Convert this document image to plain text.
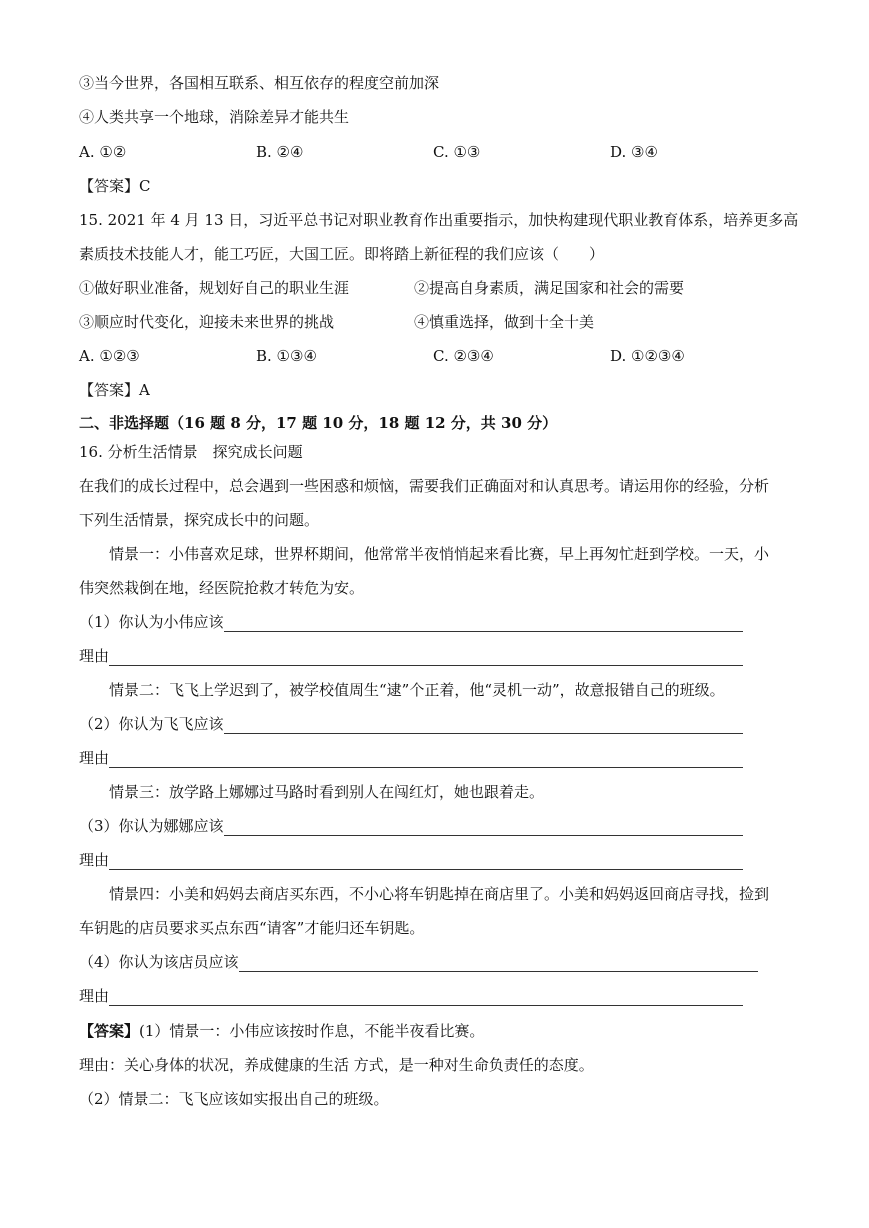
③当今世界，各国相互联系、相互依存的程度空前加深
④人类共享一个地球，消除差异才能共生
A. ①②	B. ②④	C. ①③	D. ③④
【答案】C
15. 2021 年 4 月 13 日，习近平总书记对职业教育作出重要指示，加快构建现代职业教育体系，培养更多高
素质技术技能人才，能工巧匠，大国工匠。即将踏上新征程的我们应该（　　）
①做好职业准备，规划好自己的职业生涯	②提高自身素质，满足国家和社会的需要
③顺应时代变化，迎接未来世界的挑战	④慎重选择，做到十全十美
A. ①②③	B. ①③④	C. ②③④	D. ①②③④
【答案】A
二、非选择题（16 题 8 分，17 题 10 分，18 题 12 分，共 30 分）
16. 分析生活情景　探究成长问题
在我们的成长过程中，总会遇到一些困惑和烦恼，需要我们正确面对和认真思考。请运用你的经验，分析
下列生活情景，探究成长中的问题。
情景一：小伟喜欢足球，世界杯期间，他常常半夜悄悄起来看比赛，早上再匆忙赶到学校。一天，小
伟突然栽倒在地，经医院抢救才转危为安。
（1）你认为小伟应该
理由
情景二：飞飞上学迟到了，被学校值周生“逮”个正着，他“灵机一动”，故意报错自己的班级。
（2）你认为飞飞应该
理由
情景三：放学路上娜娜过马路时看到别人在闯红灯，她也跟着走。
（3）你认为娜娜应该
理由
情景四：小美和妈妈去商店买东西，不小心将车钥匙掉在商店里了。小美和妈妈返回商店寻找，捡到
车钥匙的店员要求买点东西“请客”才能归还车钥匙。
（4）你认为该店员应该
理由
【答案】(1）情景一：小伟应该按时作息，不能半夜看比赛。
理由：关心身体的状况，养成健康的生活 方式，是一种对生命负责任的态度。
（2）情景二：飞飞应该如实报出自己的班级。
